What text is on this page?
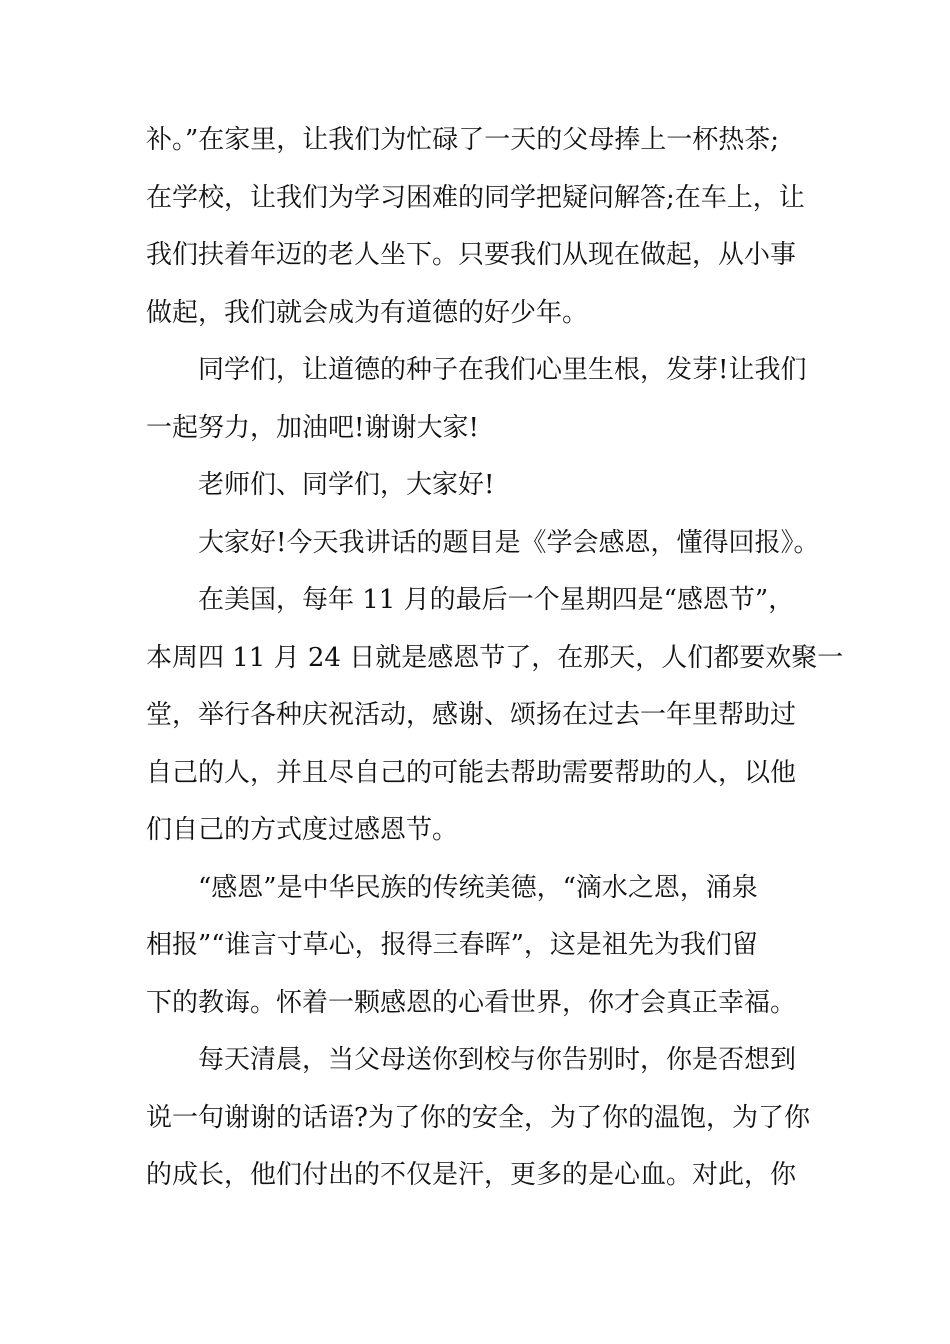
补。”在家里，让我们为忙碌了一天的父母捧上一杯热茶;
在学校，让我们为学习困难的同学把疑问解答;在车上，让
我们扶着年迈的老人坐下。只要我们从现在做起，从小事
做起，我们就会成为有道德的好少年。
同学们，让道德的种子在我们心里生根，发芽!让我们
一起努力，加油吧!谢谢大家!
老师们、同学们，大家好!
大家好!今天我讲话的题目是《学会感恩，懂得回报》。
在美国，每年 11 月的最后一个星期四是“感恩节”，
本周四 11 月 24 日就是感恩节了，在那天，人们都要欢聚一
堂，举行各种庆祝活动，感谢、颂扬在过去一年里帮助过
自己的人，并且尽自己的可能去帮助需要帮助的人，以他
们自己的方式度过感恩节。
“感恩”是中华民族的传统美德，“滴水之恩，涌泉
相报”“谁言寸草心，报得三春晖”，这是祖先为我们留
下的教诲。怀着一颗感恩的心看世界，你才会真正幸福。
每天清晨，当父母送你到校与你告别时，你是否想到
说一句谢谢的话语?为了你的安全，为了你的温饱，为了你
的成长，他们付出的不仅是汗，更多的是心血。对此，你
